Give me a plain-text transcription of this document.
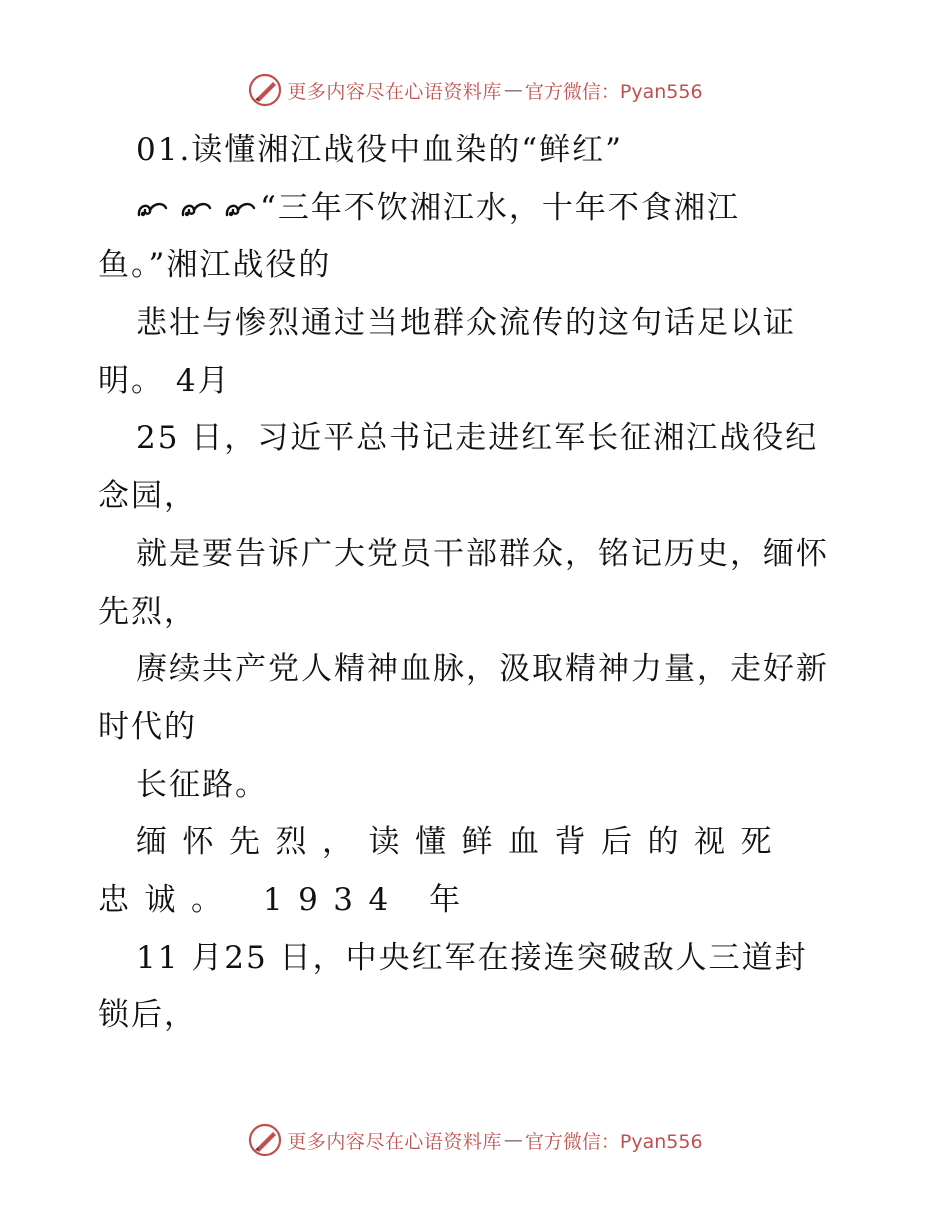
更多内容尽在心语资料库 — 官方微信：Pyan556
01.读懂湘江战役中血染的“鲜红”
“三年不饮湘江水，十年不食湘江
鱼。”湘江战役的
悲壮与惨烈通过当地群众流传的这句话足以证
明。 4月
25 日，习近平总书记走进红军长征湘江战役纪
念园，
就是要告诉广大党员干部群众，铭记历史，缅怀
先烈，
赓续共产党人精神血脉，汲取精神力量，走好新
时代的
长征路。
缅怀先烈，读懂鲜血背后的视死
忠诚。 1934 年
11 月25 日，中央红军在接连突破敌人三道封
锁后，
更多内容尽在心语资料库 — 官方微信：Pyan556
